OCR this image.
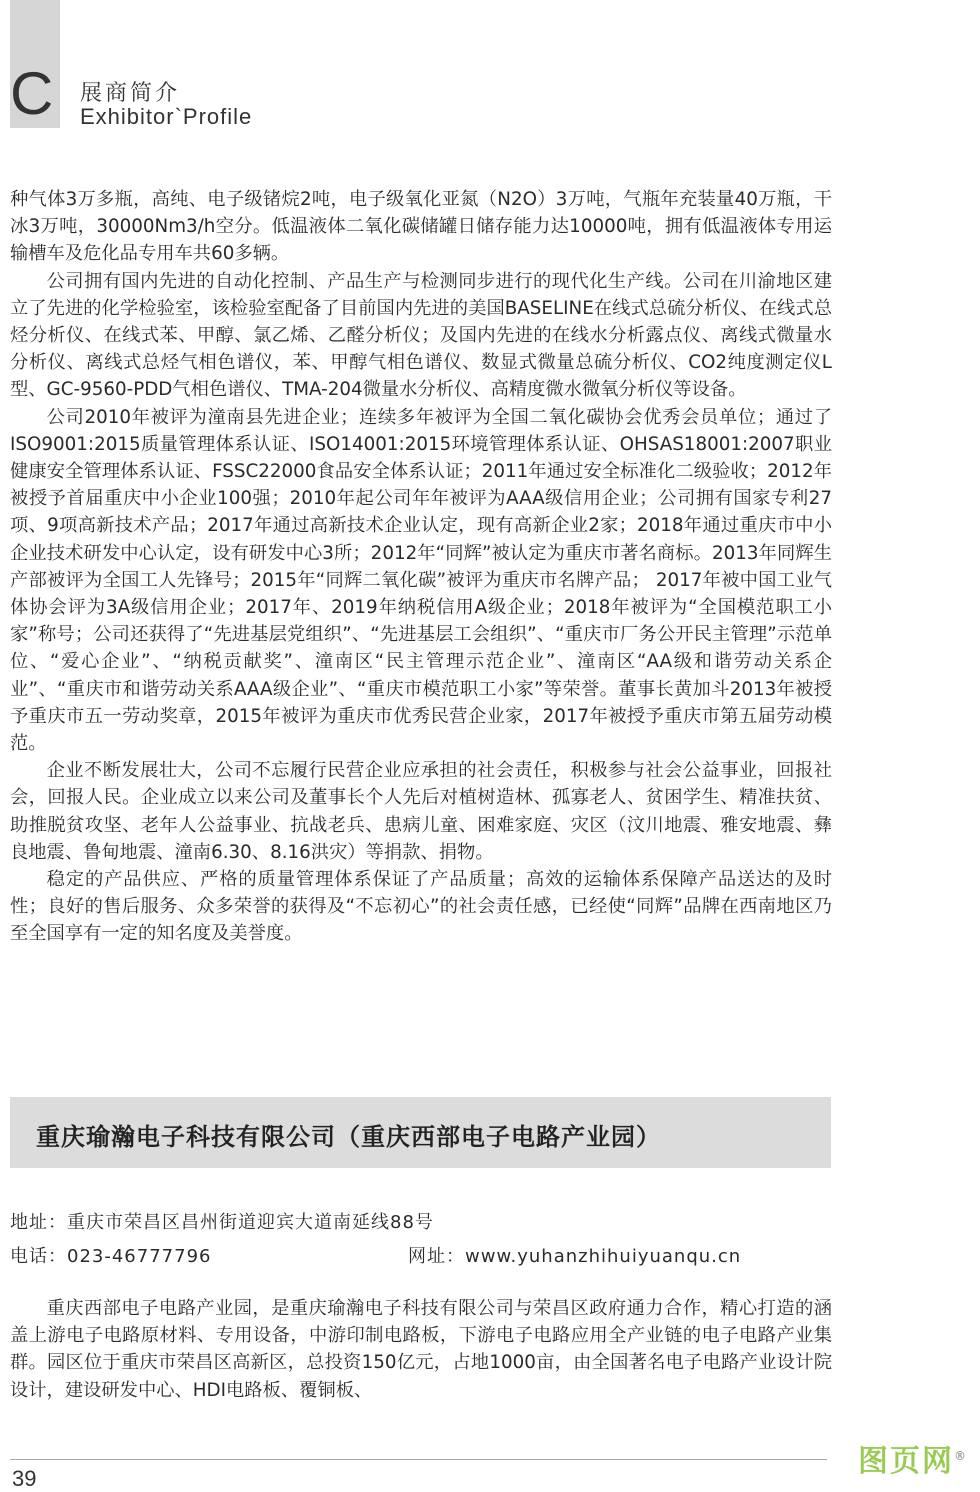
C 展商简介
Exhibitor`Profile

种气体3万多瓶，高纯、电子级锗烷2吨，电子级氧化亚氮（N2O）3万吨，气瓶年充装量40万瓶，干冰3万吨，30000Nm3/h空分。低温液体二氧化碳储罐日储存能力达10000吨，拥有低温液体专用运输槽车及危化品专用车共60多辆。

公司拥有国内先进的自动化控制、产品生产与检测同步进行的现代化生产线。公司在川渝地区建立了先进的化学检验室，该检验室配备了目前国内先进的美国BASELINE在线式总硫分析仪、在线式总烃分析仪、在线式苯、甲醇、氯乙烯、乙醛分析仪；及国内先进的在线水分析露点仪、离线式微量水分析仪、离线式总烃气相色谱仪，苯、甲醇气相色谱仪、数显式微量总硫分析仪、CO2纯度测定仪L型、GC-9560-PDD气相色谱仪、TMA-204微量水分析仪、高精度微水微氧分析仪等设备。

公司2010年被评为潼南县先进企业；连续多年被评为全国二氧化碳协会优秀会员单位；通过了ISO9001:2015质量管理体系认证、ISO14001:2015环境管理体系认证、OHSAS18001:2007职业健康安全管理体系认证、FSSC22000食品安全体系认证；2011年通过安全标准化二级验收；2012年被授予首届重庆中小企业100强；2010年起公司年年被评为AAA级信用企业；公司拥有国家专利27项、9项高新技术产品；2017年通过高新技术企业认定，现有高新企业2家；2018年通过重庆市中小企业技术研发中心认定，设有研发中心3所；2012年“同辉”被认定为重庆市著名商标。2013年同辉生产部被评为全国工人先锋号；2015年“同辉二氧化碳”被评为重庆市名牌产品； 2017年被中国工业气体协会评为3A级信用企业；2017年、2019年纳税信用A级企业；2018年被评为“全国模范职工小家”称号；公司还获得了“先进基层党组织”、“先进基层工会组织”、“重庆市厂务公开民主管理”示范单位、“爱心企业”、“纳税贡献奖”、潼南区“民主管理示范企业”、潼南区“AA级和谐劳动关系企业”、“重庆市和谐劳动关系AAA级企业”、“重庆市模范职工小家”等荣誉。董事长黄加斗2013年被授予重庆市五一劳动奖章，2015年被评为重庆市优秀民营企业家，2017年被授予重庆市第五届劳动模范。

企业不断发展壮大，公司不忘履行民营企业应承担的社会责任，积极参与社会公益事业，回报社会，回报人民。企业成立以来公司及董事长个人先后对植树造林、孤寡老人、贫困学生、精准扶贫、助推脱贫攻坚、老年人公益事业、抗战老兵、患病儿童、困难家庭、灾区（汶川地震、雅安地震、彝良地震、鲁甸地震、潼南6.30、8.16洪灾）等捐款、捐物。

稳定的产品供应、严格的质量管理体系保证了产品质量；高效的运输体系保障产品送达的及时性；良好的售后服务、众多荣誉的获得及“不忘初心”的社会责任感，已经使“同辉”品牌在西南地区乃至全国享有一定的知名度及美誉度。

重庆瑜瀚电子科技有限公司（重庆西部电子电路产业园）
地址：重庆市荣昌区昌州街道迎宾大道南延线88号
电话：023-46777796	网址：www.yuhanzhihuiyuanqu.cn
重庆西部电子电路产业园，是重庆瑜瀚电子科技有限公司与荣昌区政府通力合作，精心打造的涵盖上游电子电路原材料、专用设备，中游印制电路板，下游电子电路应用全产业链的电子电路产业集群。园区位于重庆市荣昌区高新区，总投资150亿元，占地1000亩，由全国著名电子电路产业设计院设计，建设研发中心、HDI电路板、覆铜板、
39	图页网®
